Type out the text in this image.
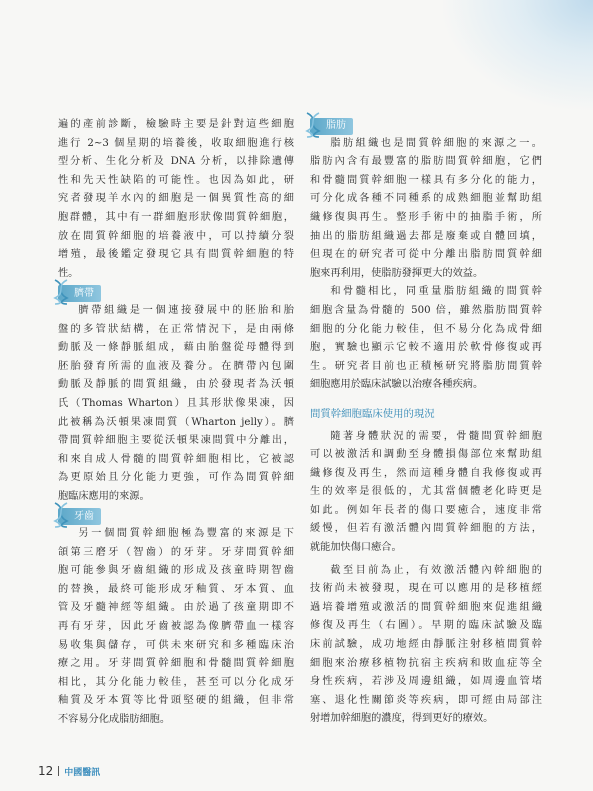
遍的產前診斷，檢驗時主要是針對這些細胞
進行 2~3 個星期的培養後，收取細胞進行核
型分析、生化分析及 DNA 分析，以排除遺傳
性和先天性缺陷的可能性。也因為如此，研
究者發現羊水內的細胞是一個異質性高的細
胞群體，其中有一群細胞形狀像間質幹細胞，
放在間質幹細胞的培養液中，可以持續分裂
增殖，最後鑑定發現它具有間質幹細胞的特
性。
臍帶
臍帶組織是一個連接發展中的胚胎和胎
盤的多管狀結構，在正常情況下，是由兩條
動脈及一條靜脈組成，藉由胎盤從母體得到
胚胎發育所需的血液及養分。在臍帶內包圍
動脈及靜脈的間質組織，由於發現者為沃頓
氏（Thomas Wharton）且其形狀像果凍，因
此被稱為沃頓果凍間質（Wharton jelly）。臍
帶間質幹細胞主要從沃頓果凍間質中分離出，
和來自成人骨髓的間質幹細胞相比，它被認
為更原始且分化能力更強，可作為間質幹細
胞臨床應用的來源。
牙齒
另一個間質幹細胞極為豐富的來源是下
頜第三磨牙（智齒）的牙芽。牙芽間質幹細
胞可能參與牙齒組織的形成及孩童時期智齒
的替換，最終可能形成牙釉質、牙本質、血
管及牙髓神經等組織。由於過了孩童期即不
再有牙芽，因此牙齒被認為像臍帶血一樣容
易收集與儲存，可供未來研究和多種臨床治
療之用。牙芽間質幹細胞和骨髓間質幹細胞
相比，其分化能力較佳，甚至可以分化成牙
釉質及牙本質等比骨頭堅硬的組織，但非常
不容易分化成脂肪細胞。
脂肪
脂肪組織也是間質幹細胞的來源之一。
脂肪內含有最豐富的脂肪間質幹細胞，它們
和骨髓間質幹細胞一樣具有多分化的能力，
可分化成各種不同種系的成熟細胞並幫助組
織修復與再生。整形手術中的抽脂手術，所
抽出的脂肪組織過去都是廢棄或自體回填，
但現在的研究者可從中分離出脂肪間質幹細
胞來再利用，使脂肪發揮更大的效益。
和骨髓相比，同重量脂肪組織的間質幹
細胞含量為骨髓的 500 倍，雖然脂肪間質幹
細胞的分化能力較佳，但不易分化為成骨細
胞，實驗也顯示它較不適用於軟骨修復或再
生。研究者目前也正積極研究將脂肪間質幹
細胞應用於臨床試驗以治療各種疾病。
間質幹細胞臨床使用的現況
隨著身體狀況的需要，骨髓間質幹細胞
可以被激活和調動至身體損傷部位來幫助組
織修復及再生，然而這種身體自我修復或再
生的效率是很低的，尤其當個體老化時更是
如此。例如年長者的傷口要癒合，速度非常
緩慢，但若有激活體內間質幹細胞的方法，
就能加快傷口癒合。
截至目前為止，有效激活體內幹細胞的
技術尚未被發現，現在可以應用的是移植經
過培養增殖或激活的間質幹細胞來促進組織
修復及再生（右圖）。早期的臨床試驗及臨
床前試驗，成功地經由靜脈注射移植間質幹
細胞來治療移植物抗宿主疾病和敗血症等全
身性疾病，若涉及周邊組織，如周邊血管堵
塞、退化性關節炎等疾病，即可經由局部注
射增加幹細胞的濃度，得到更好的療效。
12 中國醫訊
